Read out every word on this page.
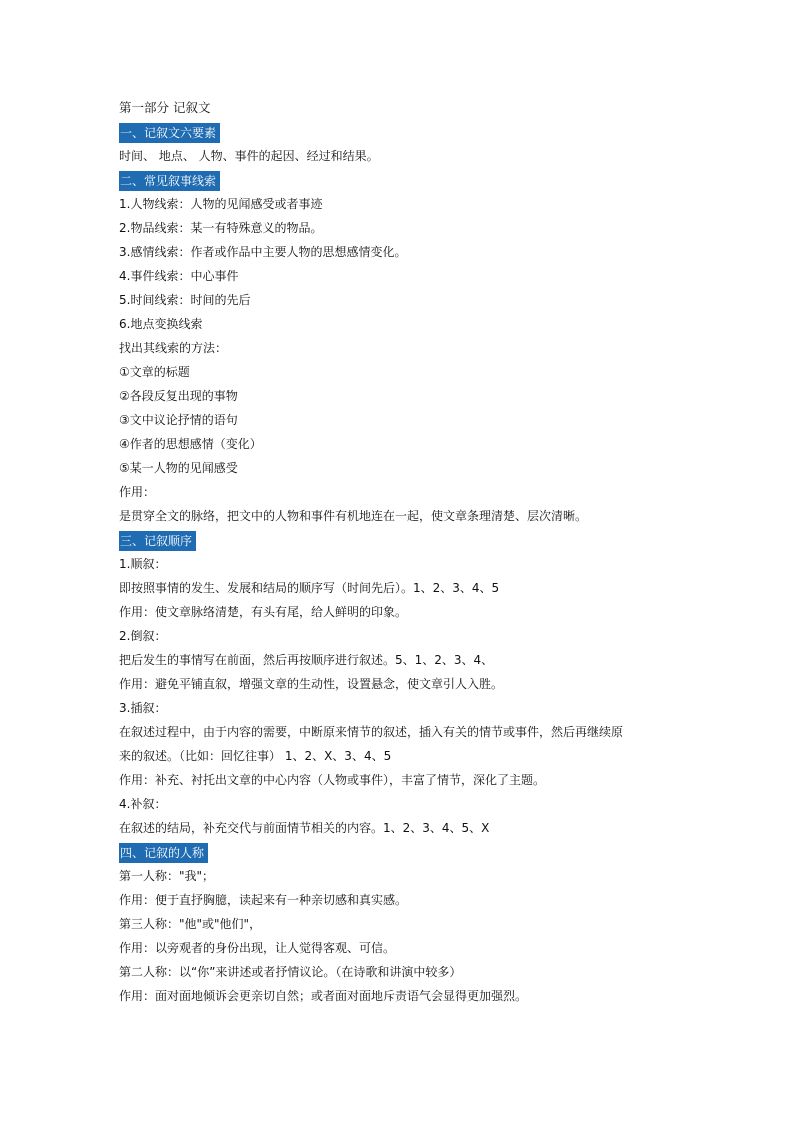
第一部分 记叙文
一、记叙文六要素
时间、 地点、 人物、事件的起因、经过和结果。
二、常见叙事线索
1.人物线索：人物的见闻感受或者事迹
2.物品线索：某一有特殊意义的物品。
3.感情线索：作者或作品中主要人物的思想感情变化。
4.事件线索：中心事件
5.时间线索：时间的先后
6.地点变换线索
找出其线索的方法：
①文章的标题
②各段反复出现的事物
③文中议论抒情的语句
④作者的思想感情（变化）
⑤某一人物的见闻感受
作用：
是贯穿全文的脉络，把文中的人物和事件有机地连在一起，使文章条理清楚、层次清晰。
三、记叙顺序
1.顺叙：
即按照事情的发生、发展和结局的顺序写（时间先后）。1、2、3、4、5
作用：使文章脉络清楚，有头有尾，给人鲜明的印象。
2.倒叙：
把后发生的事情写在前面，然后再按顺序进行叙述。5、1、2、3、4、
作用：避免平铺直叙，增强文章的生动性，设置悬念，使文章引人入胜。
3.插叙：
在叙述过程中，由于内容的需要，中断原来情节的叙述，插入有关的情节或事件，然后再继续原
来的叙述。（比如：回忆往事） 1、2、X、3、4、5
作用：补充、衬托出文章的中心内容（人物或事件），丰富了情节，深化了主题。
4.补叙：
在叙述的结局，补充交代与前面情节相关的内容。1、2、3、4、5、X
四、记叙的人称
第一人称："我"；
作用：便于直抒胸臆，读起来有一种亲切感和真实感。
第三人称："他"或"他们"，
作用：以旁观者的身份出现，让人觉得客观、可信。
第二人称：以“你”来讲述或者抒情议论。（在诗歌和讲演中较多）
作用：面对面地倾诉会更亲切自然；或者面对面地斥责语气会显得更加强烈。
